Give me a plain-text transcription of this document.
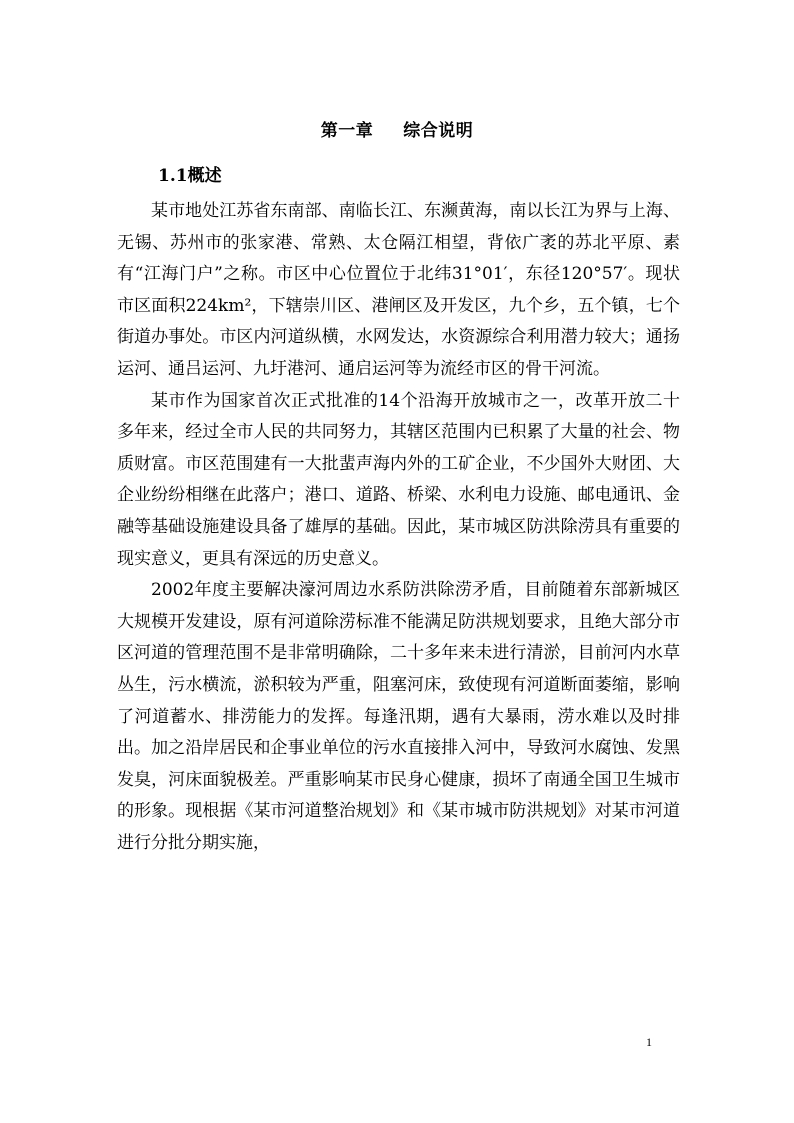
第一章 综合说明
1.1概述

某市地处江苏省东南部、南临长江、东濒黄海，南以长江为界与上海、无锡、苏州市的张家港、常熟、太仓隔江相望，背依广袤的苏北平原、素有“江海门户”之称。市区中心位置位于北纬31°01′，东径120°57′。现状市区面积224km²，下辖崇川区、港闸区及开发区，九个乡，五个镇，七个街道办事处。市区内河道纵横，水网发达，水资源综合利用潜力较大；通扬运河、通吕运河、九圩港河、通启运河等为流经市区的骨干河流。

某市作为国家首次正式批准的14个沿海开放城市之一，改革开放二十多年来，经过全市人民的共同努力，其辖区范围内已积累了大量的社会、物质财富。市区范围建有一大批蜚声海内外的工矿企业，不少国外大财团、大企业纷纷相继在此落户；港口、道路、桥梁、水利电力设施、邮电通讯、金融等基础设施建设具备了雄厚的基础。因此，某市城区防洪除涝具有重要的现实意义，更具有深远的历史意义。

2002年度主要解决濠河周边水系防洪除涝矛盾，目前随着东部新城区大规模开发建设，原有河道除涝标准不能满足防洪规划要求，且绝大部分市区河道的管理范围不是非常明确除，二十多年来未进行清淤，目前河内水草丛生，污水横流，淤积较为严重，阻塞河床，致使现有河道断面萎缩，影响了河道蓄水、排涝能力的发挥。每逢汛期，遇有大暴雨，涝水难以及时排出。加之沿岸居民和企事业单位的污水直接排入河中，导致河水腐蚀、发黑发臭，河床面貌极差。严重影响某市民身心健康，损坏了南通全国卫生城市的形象。现根据《某市河道整治规划》和《某市城市防洪规划》对某市河道进行分批分期实施，

1
